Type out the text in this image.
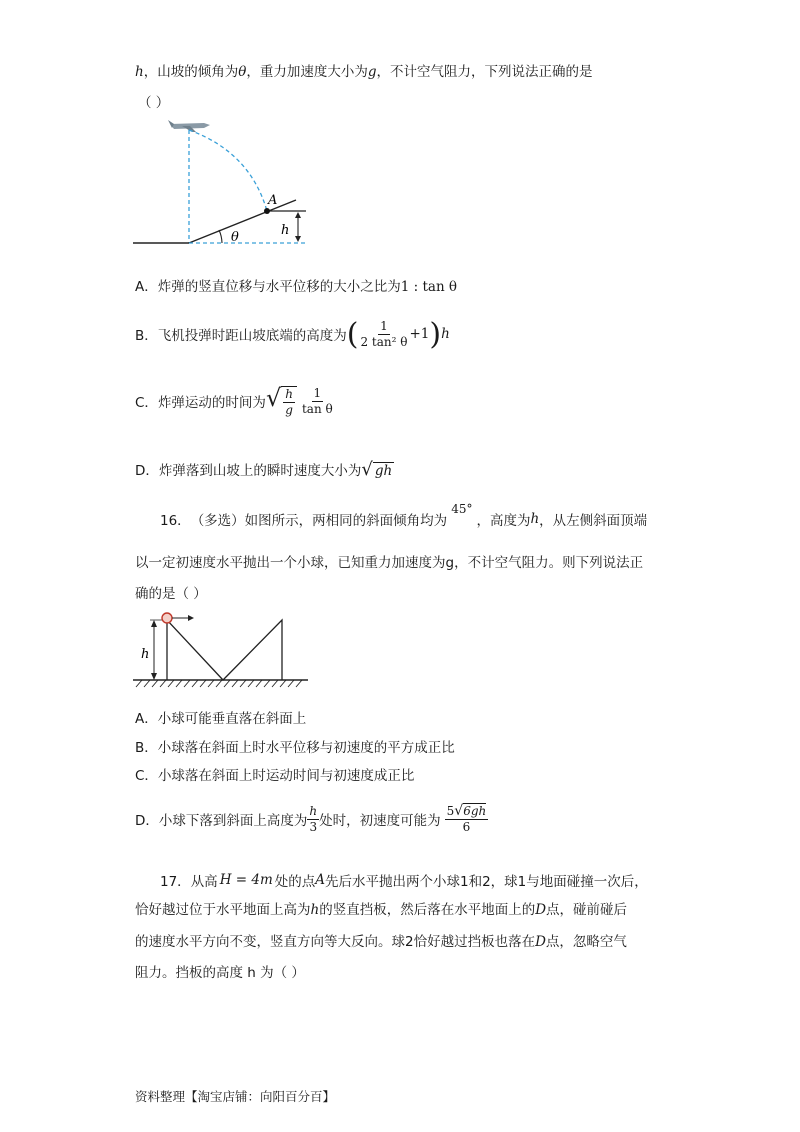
h，山坡的倾角为θ，重力加速度大小为g，不计空气阻力，下列说法正确的是
（ ）
A
h
θ
A．炸弹的竖直位移与水平位移的大小之比为1 : tan θ
B． 飞机投弹时距山坡底端的高度为 ( $\frac{1}{\text{2 tan² θ}} +1$ ) h
C． 炸弹运动的时间为 √ $\frac{h}{g} \frac{1}{\text{tan θ}}$
D． 炸弹落到山坡上的瞬时速度大小为 √ gh
16． （多选）如图所示，两相同的斜面倾角均为
45°
，高度为 h ，从左侧斜面顶端
以一定初速度水平抛出一个小球，已知重力加速度为g，不计空气阻力。则下列说法正
确的是（ ）
h
A．小球可能垂直落在斜面上
B．小球落在斜面上时水平位移与初速度的平方成正比
C．小球落在斜面上时运动时间与初速度成正比
D． 小球下落到斜面上高度为 $\frac{h}{3}$ 处时，初速度可能为 $\frac{5√6gh}{6}$
17． 从高 H = 4m 处的点 A 先后水平抛出两个小球1和2，球1与地面碰撞一次后，
恰好越过位于水平地面上高为h的竖直挡板，然后落在水平地面上的D点，碰前碰后
的速度水平方向不变，竖直方向等大反向。球2恰好越过挡板也落在D点，忽略空气
阻力。挡板的高度 h 为（ ）
资料整理【淘宝店铺：向阳百分百】
